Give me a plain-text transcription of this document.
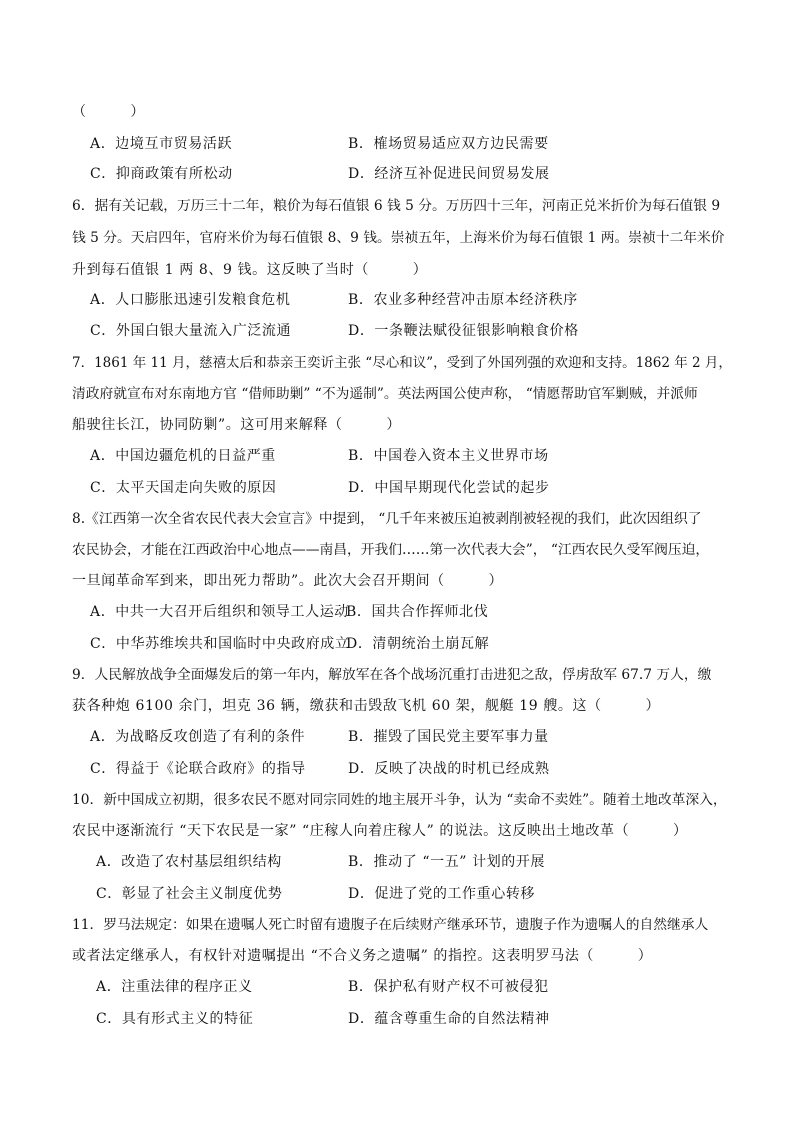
（　　　）
A．边境互市贸易活跃	B．榷场贸易适应双方边民需要
C．抑商政策有所松动	D．经济互补促进民间贸易发展
6．据有关记载，万历三十二年，粮价为每石值银 6 钱 5 分。万历四十三年，河南正兑米折价为每石值银 9
钱 5 分。天启四年，官府米价为每石值银 8、9 钱。崇祯五年，上海米价为每石值银 1 两。崇祯十二年米价
升到每石值银 1 两 8、9 钱。这反映了当时（　　　）
A．人口膨胀迅速引发粮食危机	B．农业多种经营冲击原本经济秩序
C．外国白银大量流入广泛流通	D．一条鞭法赋役征银影响粮食价格
7．1861 年 11 月，慈禧太后和恭亲王奕䜣主张 “尽心和议”，受到了外国列强的欢迎和支持。1862 年 2 月，
清政府就宣布对东南地方官 “借师助剿” “不为遥制”。英法两国公使声称， “情愿帮助官军剿贼，并派师
船驶往长江，协同防剿”。这可用来解释（　　　）
A．中国边疆危机的日益严重	B．中国卷入资本主义世界市场
C．太平天国走向失败的原因	D．中国早期现代化尝试的起步
8.《江西第一次全省农民代表大会宣言》中提到， “几千年来被压迫被剥削被轻视的我们，此次因组织了
农民协会，才能在江西政治中心地点——南昌，开我们……第一次代表大会”， “江西农民久受军阀压迫，
一旦闻革命军到来，即出死力帮助”。此次大会召开期间（　　　）
A．中共一大召开后组织和领导工人运动
B．国共合作挥师北伐
C．中华苏维埃共和国临时中央政府成立
D．清朝统治土崩瓦解
9．人民解放战争全面爆发后的第一年内，解放军在各个战场沉重打击进犯之敌，俘虏敌军 67.7 万人，缴
获各种炮 6100 余门，坦克 36 辆，缴获和击毁敌飞机 60 架，舰艇 19 艘。这（　　　）
A．为战略反攻创造了有利的条件	B．摧毁了国民党主要军事力量
C．得益于《论联合政府》的指导	D．反映了决战的时机已经成熟
10．新中国成立初期，很多农民不愿对同宗同姓的地主展开斗争，认为 “卖命不卖姓”。随着土地改革深入，
农民中逐渐流行 “天下农民是一家” “庄稼人向着庄稼人” 的说法。这反映出土地改革（　　　）
A．改造了农村基层组织结构	B．推动了 “一五” 计划的开展
C．彰显了社会主义制度优势	D．促进了党的工作重心转移
11．罗马法规定：如果在遗嘱人死亡时留有遗腹子在后续财产继承环节，遗腹子作为遗嘱人的自然继承人
或者法定继承人，有权针对遗嘱提出 “不合义务之遗嘱” 的指控。这表明罗马法（　　　）
A．注重法律的程序正义	B．保护私有财产权不可被侵犯
C．具有形式主义的特征	D．蕴含尊重生命的自然法精神
